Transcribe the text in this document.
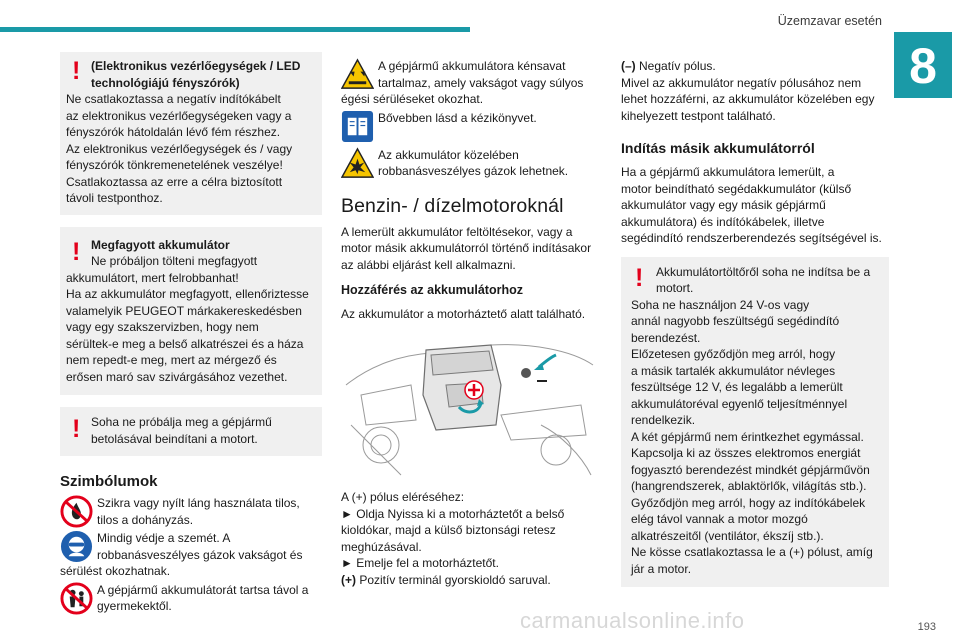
Üzemzavar esetén
8
! (Elektronikus vezérlőegységek / LED

technológiájú fényszórók)

Ne csatlakoztassa a negatív indítókábelt

az elektronikus vezérlőegységeken vagy a

fényszórók hátoldalán lévő fém részhez.

Az elektronikus vezérlőegységek és / vagy

fényszórók tönkremenetelének veszélye!

Csatlakoztassa az erre a célra biztosított

távoli testponthoz.

! Megfagyott akkumulátor

Ne próbáljon tölteni megfagyott

akkumulátort, mert felrobbanhat!

Ha az akkumulátor megfagyott, ellenőriztesse

valamelyik PEUGEOT márkakereskedésben

vagy egy szakszervizben, hogy nem

sérültek-e meg a belső alkatrészei és a háza

nem repedt-e meg, mert az mérgező és

erősen maró sav szivárgásához vezethet.

! Soha ne próbálja meg a gépjármű

betolásával beindítani a motort.

Szimbólumok

Szikra vagy nyílt láng használata tilos,

tilos a dohányzás.

Mindig védje a szemét. A

robbanásveszélyes gázok vakságot és

sérülést okozhatnak.

A gépjármű akkumulátorát tartsa távol a

gyermekektől.

A gépjármű akkumulátora kénsavat

tartalmaz, amely vakságot vagy súlyos

égési sérüléseket okozhat.

Bővebben lásd a kézikönyvet.

Az akkumulátor közelében

robbanásveszélyes gázok lehetnek.

Benzin- / dízelmotoroknál

A lemerült akkumulátor feltöltésekor, vagy a

motor másik akkumulátorról történő indításakor

az alábbi eljárást kell alkalmazni.

Hozzáférés az akkumulátorhoz

Az akkumulátor a motorháztető alatt található.

A (+) pólus eléréséhez:

► Oldja Nyissa ki a motorháztetőt a belső

kioldókar, majd a külső biztonsági retesz

meghúzásával.

► Emelje fel a motorháztetőt.

(+) Pozitív terminál gyorskioldó saruval.

(–) Negatív pólus.

Mivel az akkumulátor negatív pólusához nem

lehet hozzáférni, az akkumulátor közelében egy

kihelyezett testpont található.

Indítás másik akkumulátorról

Ha a gépjármű akkumulátora lemerült, a

motor beindítható segédakkumulátor (külső

akkumulátor vagy egy másik gépjármű

akkumulátora) és indítókábelek, illetve

segédindító rendszerberendezés segítségével is.

!	Akkumulátortöltőről soha ne indítsa be a

motort.

Soha ne használjon 24 V-os vagy

annál nagyobb feszültségű segédindító

berendezést.

Előzetesen győződjön meg arról, hogy

a másik tartalék akkumulátor névleges

feszültsége 12 V, és legalább a lemerült

akkumulátoréval egyenlő teljesítménnyel

rendelkezik.

A két gépjármű nem érintkezhet egymással.

Kapcsolja ki az összes elektromos energiát

fogyasztó berendezést mindkét gépjárművön

(hangrendszerek, ablaktörlők, világítás stb.).

Győződjön meg arról, hogy az indítókábelek

elég távol vannak a motor mozgó

alkatrészeitől (ventilátor, ékszíj stb.).

Ne kösse csatlakoztassa le a (+) pólust, amíg

jár a motor.

carmanualsonline.info	193
